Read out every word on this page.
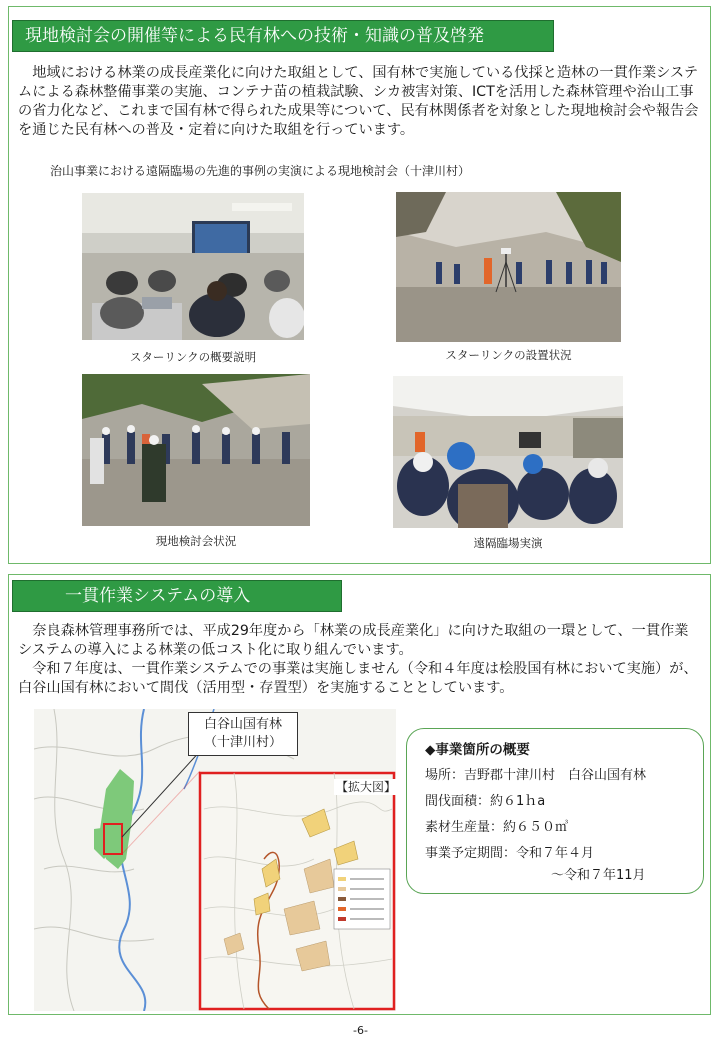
現地検討会の開催等による民有林への技術・知識の普及啓発

地域における林業の成長産業化に向けた取組として、国有林で実施している伐採と造林の一貫作業システムによる森林整備事業の実施、コンテナ苗の植栽試験、シカ被害対策、ICTを活用した森林管理や治山工事の省力化など、これまで国有林で得られた成果等について、民有林関係者を対象とした現地検討会や報告会を通じた民有林への普及・定着に向けた取組を行っています。

治山事業における遠隔臨場の先進的事例の実演による現地検討会（十津川村）
スターリンクの概要説明	スターリンクの設置状況
現地検討会状況	遠隔臨場実演
一貫作業システムの導入

奈良森林管理事務所では、平成29年度から「林業の成長産業化」に向けた取組の一環として、一貫作業システムの導入による林業の低コスト化に取り組んでいます。

令和７年度は、一貫作業システムでの事業は実施しません（令和４年度は桧股国有林において実施）が、白谷山国有林において間伐（活用型・存置型）を実施することとしています。

白谷山国有林
（十津川村）
【拡大図】
◆事業箇所の概要
場所：吉野郡十津川村　白谷山国有林
間伐面積：約６1ｈa
素材生産量：約６５０㎥
事業予定期間：令和７年４月
～令和７年11月
-6-
